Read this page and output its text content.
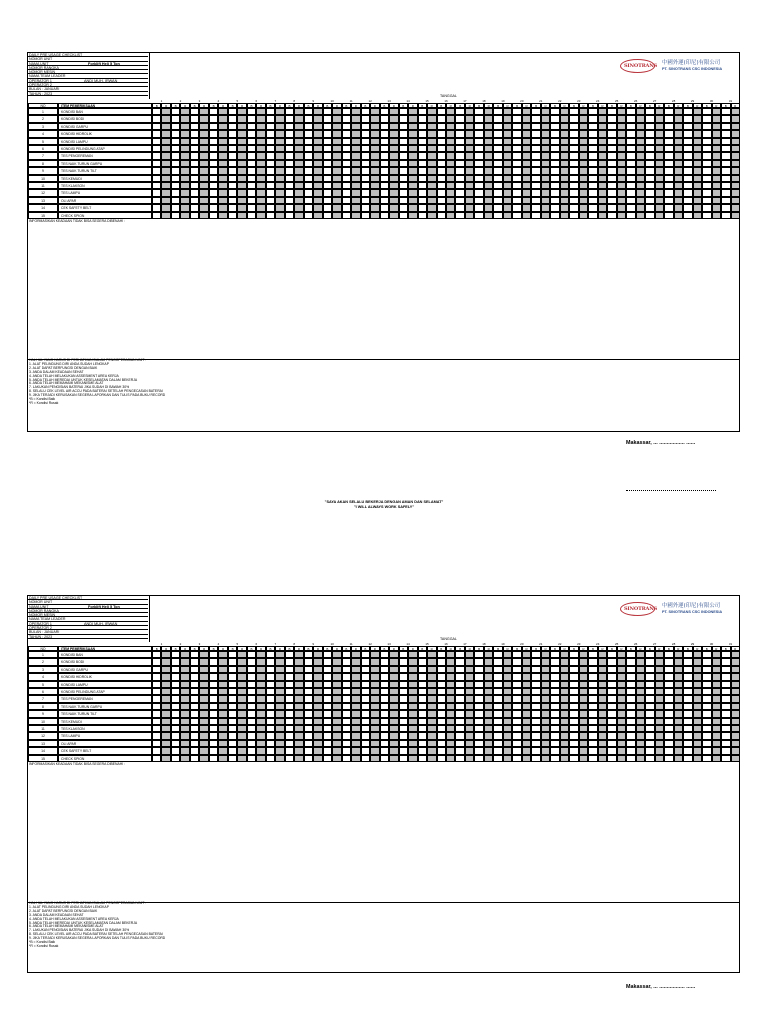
DAILY PRE USAGE CHECKLIST
NOMOR UNIT
NAMA UNIT	Forklift Heli 5 Ton
NOMOR RANGKA
NOMOR MESIN
NAMA TEAM LEADER
OPERATOR 1	ANDI MUH. IRWAN
OPERATOR 2
BULAN : JANUARI
TAHUN : 2023
SINOTRANS 中國外運(印尼)有限公司
PT. SINOTRANS CSC INDONESIA
TANGGAL
1	2	3	4	5	6	7	8	9	10	11	12	13	14	15	16	17	18	19	20	21	22	23	24	25	26	27	28	29	30	31
NO	ITEM PEMERIKSAAN	B	R	B	R	B	R	B	R	B	R	B	R	B	R	B	R	B	R	B	R	B	R	B	R	B	R	B	R	B	R	B	R	B	R	B	R	B	R	B	R	B	R	B	R	B	R	B	R	B	R	B	R	B	R	B	R	B	R	B	R	B	R
1	KONDISI BAN
2	KONDISI BODI
3	KONDISI GARPU
4	KONDISI HIDROLIK
5	KONDISI LAMPU
6	KONDISI PELINDUNG ATAP
7	TES PENGEREMAN
8	TES NAIK TURUN GARPU
9	TES NAIK TURUN TILT
10	TES KEMUDI
11	TES KLAKSON
12	TES LAMPU
13	OLI APAR
14	CEK SAFETY BELT
15	CHECK SPION
INFORMASIKAN KEADAAN TIDAK BISA SEGERA DIBENAHI :
HAL HAL YANG HARUS DI PERHATIKAN DALAM PENGOPERASIAN UNIT :
1. ALAT PELINDUNG DIRI ANDA SUDAH LENGKAP
2. ALAT DAPAT BERFUNGSI DENGAN BAIK
3. ANDA DALAM KEADAAN SEHAT
4. ANDA TELAH MELAKUKAN ASSESMENT AREA KERJA
5. ANDA TELAH MEREDAI UNTUK KESELAMATAN DALAM BEKERJA
6. ANDA TELAH MEMAHAMI MEKANISME ALAT
7. LAKUKAN PENGISIAN BATERAI JIKA SUDAH DI BAWAH 30%
8. SELALU CEK LEVEL AIR ACCU PADA BATERAI SETELAH PENGECASAN BATERAI
9. JIKA TERJADI KERUSAKAN SEGERA LAPORKAN DAN TULIS PADA BUKU RECORD
*B = Kondisi Baik
*R = Kondisi Rusak
Makassar, ... ................. ......
"SAYA AKAN SELALU BEKERJA DENGAN AMAN DAN SELAMAT"
"I WILL ALWAYS WORK SAFELY"
DAILY PRE USAGE CHECKLIST
NOMOR UNIT
NAMA UNIT	Forklift Heli 5 Ton
NOMOR RANGKA
NOMOR MESIN
NAMA TEAM LEADER
OPERATOR 1	ANDI MUH. IRWAN
OPERATOR 2
BULAN : JANUARI
TAHUN : 2023
SINOTRANS 中國外運(印尼)有限公司
PT. SINOTRANS CSC INDONESIA
TANGGAL
1	2	3	4	5	6	7	8	9	10	11	12	13	14	15	16	17	18	19	20	21	22	23	24	25	26	27	28	29	30	31
NO	ITEM PEMERIKSAAN	B	R	B	R	B	R	B	R	B	R	B	R	B	R	B	R	B	R	B	R	B	R	B	R	B	R	B	R	B	R	B	R	B	R	B	R	B	R	B	R	B	R	B	R	B	R	B	R	B	R	B	R	B	R	B	R	B	R	B	R	B	R
1	KONDISI BAN
2	KONDISI BODI
3	KONDISI GARPU
4	KONDISI HIDROLIK
5	KONDISI LAMPU
6	KONDISI PELINDUNG ATAP
7	TES PENGEREMAN
8	TES NAIK TURUN GARPU
9	TES NAIK TURUN TILT
10	TES KEMUDI
11	TES KLAKSON
12	TES LAMPU
13	OLI APAR
14	CEK SAFETY BELT
15	CHECK SPION
INFORMASIKAN KEADAAN TIDAK BISA SEGERA DIBENAHI :
HAL HAL YANG HARUS DI PERHATIKAN DALAM PENGOPERASIAN UNIT :
1. ALAT PELINDUNG DIRI ANDA SUDAH LENGKAP
2. ALAT DAPAT BERFUNGSI DENGAN BAIK
3. ANDA DALAM KEADAAN SEHAT
4. ANDA TELAH MELAKUKAN ASSESMENT AREA KERJA
5. ANDA TELAH MEREDAI UNTUK KESELAMATAN DALAM BEKERJA
6. ANDA TELAH MEMAHAMI MEKANISME ALAT
7. LAKUKAN PENGISIAN BATERAI JIKA SUDAH DI BAWAH 30%
8. SELALU CEK LEVEL AIR ACCU PADA BATERAI SETELAH PENGECASAN BATERAI
9. JIKA TERJADI KERUSAKAN SEGERA LAPORKAN DAN TULIS PADA BUKU RECORD
*B = Kondisi Baik
*R = Kondisi Rusak
Makassar, ... ................. ......
